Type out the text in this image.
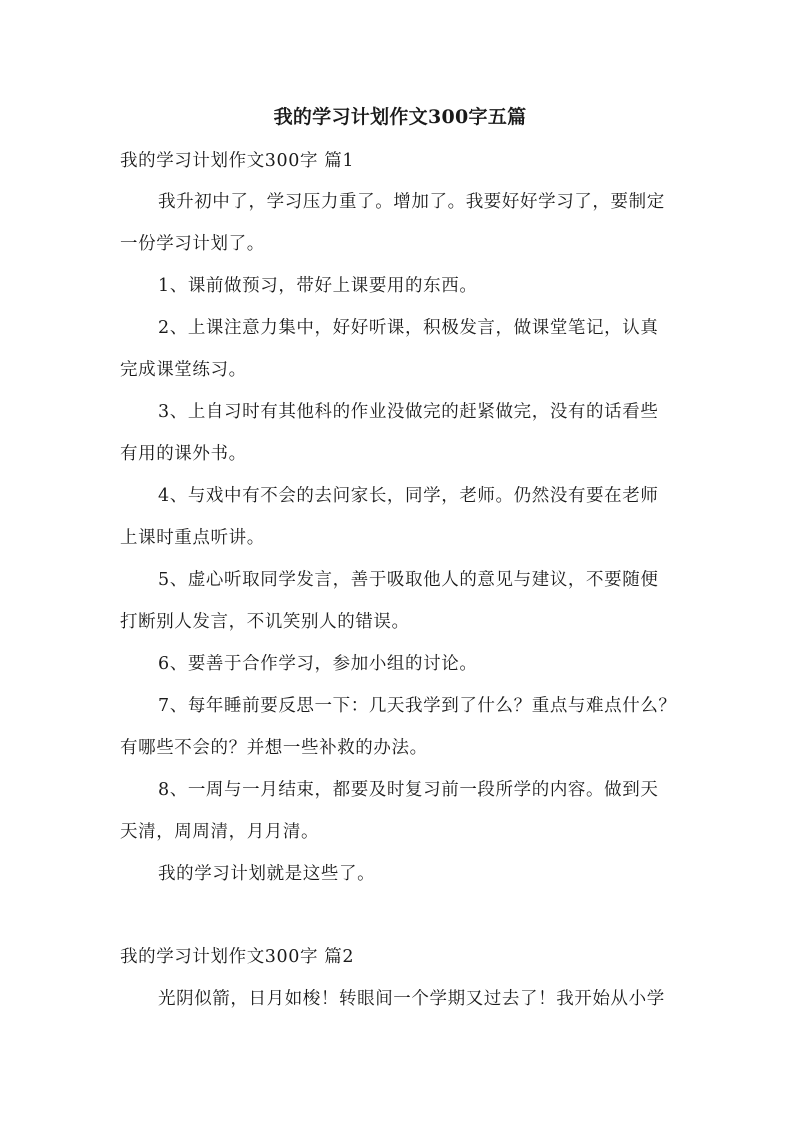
我的学习计划作文300字五篇

我的学习计划作文300字 篇1

我升初中了，学习压力重了。增加了。我要好好学习了，要制定

一份学习计划了。

1、课前做预习，带好上课要用的东西。

2、上课注意力集中，好好听课，积极发言，做课堂笔记，认真

完成课堂练习。

3、上自习时有其他科的作业没做完的赶紧做完，没有的话看些

有用的课外书。

4、与戏中有不会的去问家长，同学，老师。仍然没有要在老师

上课时重点听讲。

5、虚心听取同学发言，善于吸取他人的意见与建议，不要随便

打断别人发言，不讥笑别人的错误。

6、要善于合作学习，参加小组的讨论。

7、每年睡前要反思一下：几天我学到了什么？重点与难点什么？

有哪些不会的？并想一些补救的办法。

8、一周与一月结束，都要及时复习前一段所学的内容。做到天

天清，周周清，月月清。

我的学习计划就是这些了。

我的学习计划作文300字 篇2

光阴似箭，日月如梭！转眼间一个学期又过去了！我开始从小学
